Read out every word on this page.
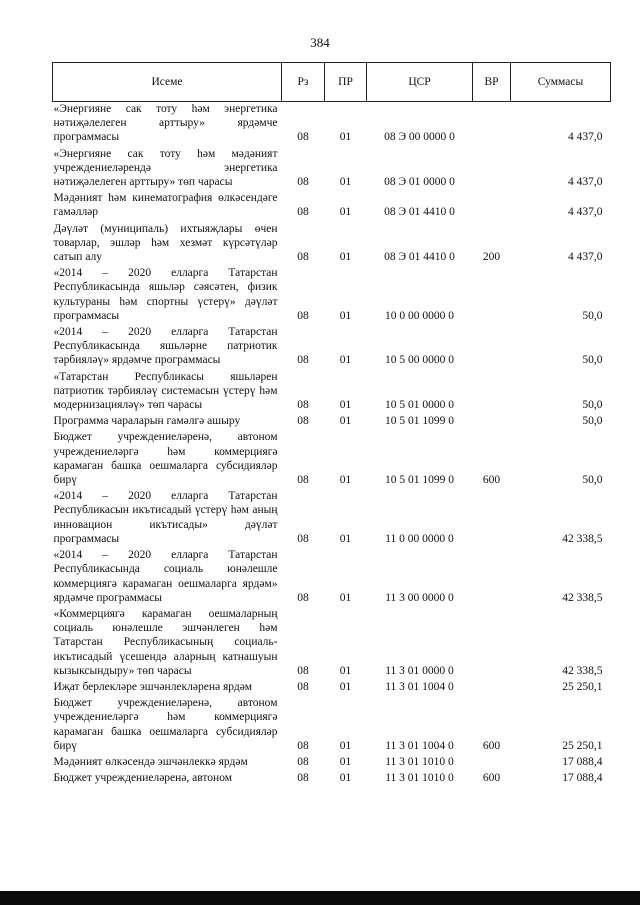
384
Исеме	Рз	ПР	ЦСР	ВР	Суммасы
«Энергияне сак тоту һәм энергетика нәтиҗәлелеген арттыру» ярдәмче программасы	08	01	08 Э 00 0000 0		4 437,0
«Энергияне сак тоту һәм мәдәният учреждениеләрендә энергетика нәтиҗәлелеген арттыру» төп чарасы	08	01	08 Э 01 0000 0		4 437,0
Мәдәният һәм кинематография өлкәсендәге гамәлләр	08	01	08 Э 01 4410 0		4 437,0
Дәүләт (муниципаль) ихтыяҗлары өчен товарлар, эшләр һәм хезмәт күрсәтүләр сатып алу	08	01	08 Э 01 4410 0	200	4 437,0
«2014 – 2020 елларга Татарстан Республикасында яшьләр сәясәтен, физик культураны һәм спортны үстерү» дәүләт программасы	08	01	10 0 00 0000 0		50,0
«2014 – 2020 елларга Татарстан Республикасында яшьләрне патриотик тәрбияләү» ярдәмче программасы	08	01	10 5 00 0000 0		50,0
«Татарстан Республикасы яшьләрен патриотик тәрбияләү системасын үстерү һәм модернизацияләү» төп чарасы	08	01	10 5 01 0000 0		50,0
Программа чараларын гамәлгә ашыру	08	01	10 5 01 1099 0		50,0
Бюджет учреждениеләренә, автоном учреждениеләргә һәм коммерциягә карамаган башка оешмаларга субсидияләр бирү	08	01	10 5 01 1099 0	600	50,0
«2014 – 2020 елларга Татарстан Республикасын икътисадый үстерү һәм аның инновацион икътисады» дәүләт программасы	08	01	11 0 00 0000 0		42 338,5
«2014 – 2020 елларга Татарстан Республикасында социаль юнәлешле коммерциягә карамаган оешмаларга ярдәм» ярдәмче программасы	08	01	11 3 00 0000 0		42 338,5
«Коммерциягә карамаган оешмаларның социаль юнәлешле эшчәнлеген һәм Татарстан Республикасының социаль-икътисадый үсешендә аларның катнашуын кызыксындыру» төп чарасы	08	01	11 3 01 0000 0		42 338,5
Иҗат берлекләре эшчәнлекләренә ярдәм	08	01	11 3 01 1004 0		25 250,1
Бюджет учреждениеләренә, автоном учреждениеләргә һәм коммерциягә карамаган башка оешмаларга субсидияләр бирү	08	01	11 3 01 1004 0	600	25 250,1
Мәдәният өлкәсендә эшчәнлеккә ярдәм	08	01	11 3 01 1010 0		17 088,4
Бюджет учреждениеләренә, автоном	08	01	11 3 01 1010 0	600	17 088,4
